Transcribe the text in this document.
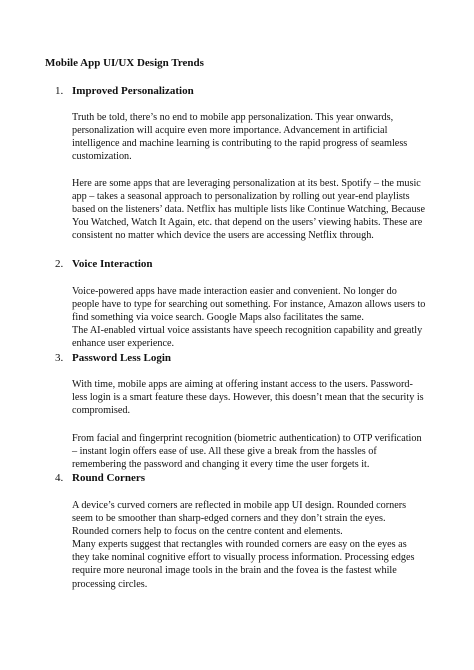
Mobile App UI/UX Design Trends
1. Improved Personalization
Truth be told, there’s no end to mobile app personalization. This year onwards,
personalization will acquire even more importance. Advancement in artificial
intelligence and machine learning is contributing to the rapid progress of seamless
customization.
Here are some apps that are leveraging personalization at its best. Spotify – the music
app – takes a seasonal approach to personalization by rolling out year-end playlists
based on the listeners’ data. Netflix has multiple lists like Continue Watching, Because
You Watched, Watch It Again, etc. that depend on the users’ viewing habits. These are
consistent no matter which device the users are accessing Netflix through.
2. Voice Interaction
Voice-powered apps have made interaction easier and convenient. No longer do
people have to type for searching out something. For instance, Amazon allows users to
find something via voice search. Google Maps also facilitates the same.
The AI-enabled virtual voice assistants have speech recognition capability and greatly
enhance user experience.
3. Password Less Login
With time, mobile apps are aiming at offering instant access to the users. Password-
less login is a smart feature these days. However, this doesn’t mean that the security is
compromised.
From facial and fingerprint recognition (biometric authentication) to OTP verification
– instant login offers ease of use. All these give a break from the hassles of
remembering the password and changing it every time the user forgets it.
4. Round Corners
A device’s curved corners are reflected in mobile app UI design. Rounded corners
seem to be smoother than sharp-edged corners and they don’t strain the eyes.
Rounded corners help to focus on the centre content and elements.
Many experts suggest that rectangles with rounded corners are easy on the eyes as
they take nominal cognitive effort to visually process information. Processing edges
require more neuronal image tools in the brain and the fovea is the fastest while
processing circles.
